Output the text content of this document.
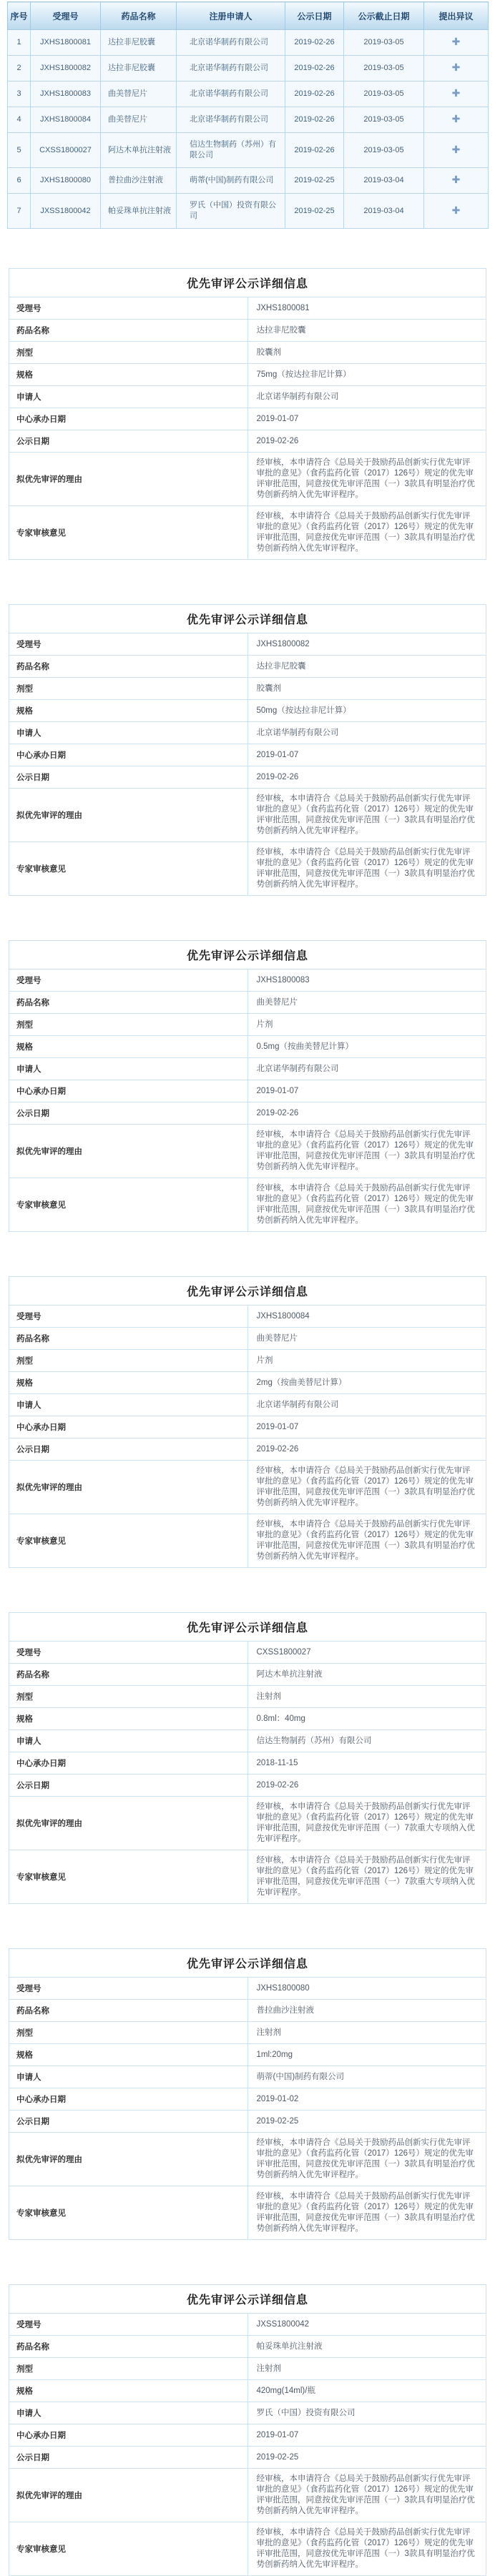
序号	受理号	药品名称	注册申请人	公示日期	公示截止日期	提出异议
1	JXHS1800081	达拉非尼胶囊	北京诺华制药有限公司	2019-02-26	2019-03-05	✚
2	JXHS1800082	达拉非尼胶囊	北京诺华制药有限公司	2019-02-26	2019-03-05	✚
3	JXHS1800083	曲美替尼片	北京诺华制药有限公司	2019-02-26	2019-03-05	✚
4	JXHS1800084	曲美替尼片	北京诺华制药有限公司	2019-02-26	2019-03-05	✚
5	CXSS1800027	阿达木单抗注射液	信达生物制药（苏州）有限公司	2019-02-26	2019-03-05	✚
6	JXHS1800080	普拉曲沙注射液	萌蒂(中国)制药有限公司	2019-02-25	2019-03-04	✚
7	JXSS1800042	帕妥珠单抗注射液	罗氏（中国）投资有限公司	2019-02-25	2019-03-04	✚
优先审评公示详细信息	
受理号	JXHS1800081
药品名称	达拉非尼胶囊
剂型	胶囊剂
规格	75mg（按达拉非尼计算）
申请人	北京诺华制药有限公司
中心承办日期	2019-01-07
公示日期	2019-02-26
拟优先审评的理由	经审核，本申请符合《总局关于鼓励药品创新实行优先审评审批的意见》（食药监药化管（2017）126号）规定的优先审评审批范围，同意按优先审评范围（一）3款具有明显治疗优势创新药纳入优先审评程序。
专家审核意见	经审核，本申请符合《总局关于鼓励药品创新实行优先审评审批的意见》（食药监药化管（2017）126号）规定的优先审评审批范围，同意按优先审评范围（一）3款具有明显治疗优势创新药纳入优先审评程序。
优先审评公示详细信息	
受理号	JXHS1800082
药品名称	达拉非尼胶囊
剂型	胶囊剂
规格	50mg（按达拉非尼计算）
申请人	北京诺华制药有限公司
中心承办日期	2019-01-07
公示日期	2019-02-26
拟优先审评的理由	经审核，本申请符合《总局关于鼓励药品创新实行优先审评审批的意见》（食药监药化管（2017）126号）规定的优先审评审批范围，同意按优先审评范围（一）3款具有明显治疗优势创新药纳入优先审评程序。
专家审核意见	经审核，本申请符合《总局关于鼓励药品创新实行优先审评审批的意见》（食药监药化管（2017）126号）规定的优先审评审批范围，同意按优先审评范围（一）3款具有明显治疗优势创新药纳入优先审评程序。
优先审评公示详细信息	
受理号	JXHS1800083
药品名称	曲美替尼片
剂型	片剂
规格	0.5mg（按曲美替尼计算）
申请人	北京诺华制药有限公司
中心承办日期	2019-01-07
公示日期	2019-02-26
拟优先审评的理由	经审核，本申请符合《总局关于鼓励药品创新实行优先审评审批的意见》（食药监药化管（2017）126号）规定的优先审评审批范围，同意按优先审评范围（一）3款具有明显治疗优势创新药纳入优先审评程序。
专家审核意见	经审核，本申请符合《总局关于鼓励药品创新实行优先审评审批的意见》（食药监药化管（2017）126号）规定的优先审评审批范围，同意按优先审评范围（一）3款具有明显治疗优势创新药纳入优先审评程序。
优先审评公示详细信息	
受理号	JXHS1800084
药品名称	曲美替尼片
剂型	片剂
规格	2mg（按曲美替尼计算）
申请人	北京诺华制药有限公司
中心承办日期	2019-01-07
公示日期	2019-02-26
拟优先审评的理由	经审核，本申请符合《总局关于鼓励药品创新实行优先审评审批的意见》（食药监药化管（2017）126号）规定的优先审评审批范围，同意按优先审评范围（一）3款具有明显治疗优势创新药纳入优先审评程序。
专家审核意见	经审核，本申请符合《总局关于鼓励药品创新实行优先审评审批的意见》（食药监药化管（2017）126号）规定的优先审评审批范围，同意按优先审评范围（一）3款具有明显治疗优势创新药纳入优先审评程序。
优先审评公示详细信息	
受理号	CXSS1800027
药品名称	阿达木单抗注射液
剂型	注射剂
规格	0.8ml：40mg
申请人	信达生物制药（苏州）有限公司
中心承办日期	2018-11-15
公示日期	2019-02-26
拟优先审评的理由	经审核，本申请符合《总局关于鼓励药品创新实行优先审评审批的意见》（食药监药化管（2017）126号）规定的优先审评审批范围，同意按优先审评范围（一）7款重大专项纳入优先审评程序。
专家审核意见	经审核，本申请符合《总局关于鼓励药品创新实行优先审评审批的意见》（食药监药化管（2017）126号）规定的优先审评审批范围，同意按优先审评范围（一）7款重大专项纳入优先审评程序。
优先审评公示详细信息	
受理号	JXHS1800080
药品名称	普拉曲沙注射液
剂型	注射剂
规格	1ml:20mg
申请人	萌蒂(中国)制药有限公司
中心承办日期	2019-01-02
公示日期	2019-02-25
拟优先审评的理由	经审核，本申请符合《总局关于鼓励药品创新实行优先审评审批的意见》（食药监药化管（2017）126号）规定的优先审评审批范围，同意按优先审评范围（一）3款具有明显治疗优势创新药纳入优先审评程序。
专家审核意见	经审核，本申请符合《总局关于鼓励药品创新实行优先审评审批的意见》（食药监药化管（2017）126号）规定的优先审评审批范围，同意按优先审评范围（一）3款具有明显治疗优势创新药纳入优先审评程序。
优先审评公示详细信息	
受理号	JXSS1800042
药品名称	帕妥珠单抗注射液
剂型	注射剂
规格	420mg(14ml)/瓶
申请人	罗氏（中国）投资有限公司
中心承办日期	2019-01-07
公示日期	2019-02-25
拟优先审评的理由	经审核，本申请符合《总局关于鼓励药品创新实行优先审评审批的意见》（食药监药化管（2017）126号）规定的优先审评审批范围，同意按优先审评范围（一）3款具有明显治疗优势创新药纳入优先审评程序。
专家审核意见	经审核，本申请符合《总局关于鼓励药品创新实行优先审评审批的意见》（食药监药化管（2017）126号）规定的优先审评审批范围，同意按优先审评范围（一）3款具有明显治疗优势创新药纳入优先审评程序。
